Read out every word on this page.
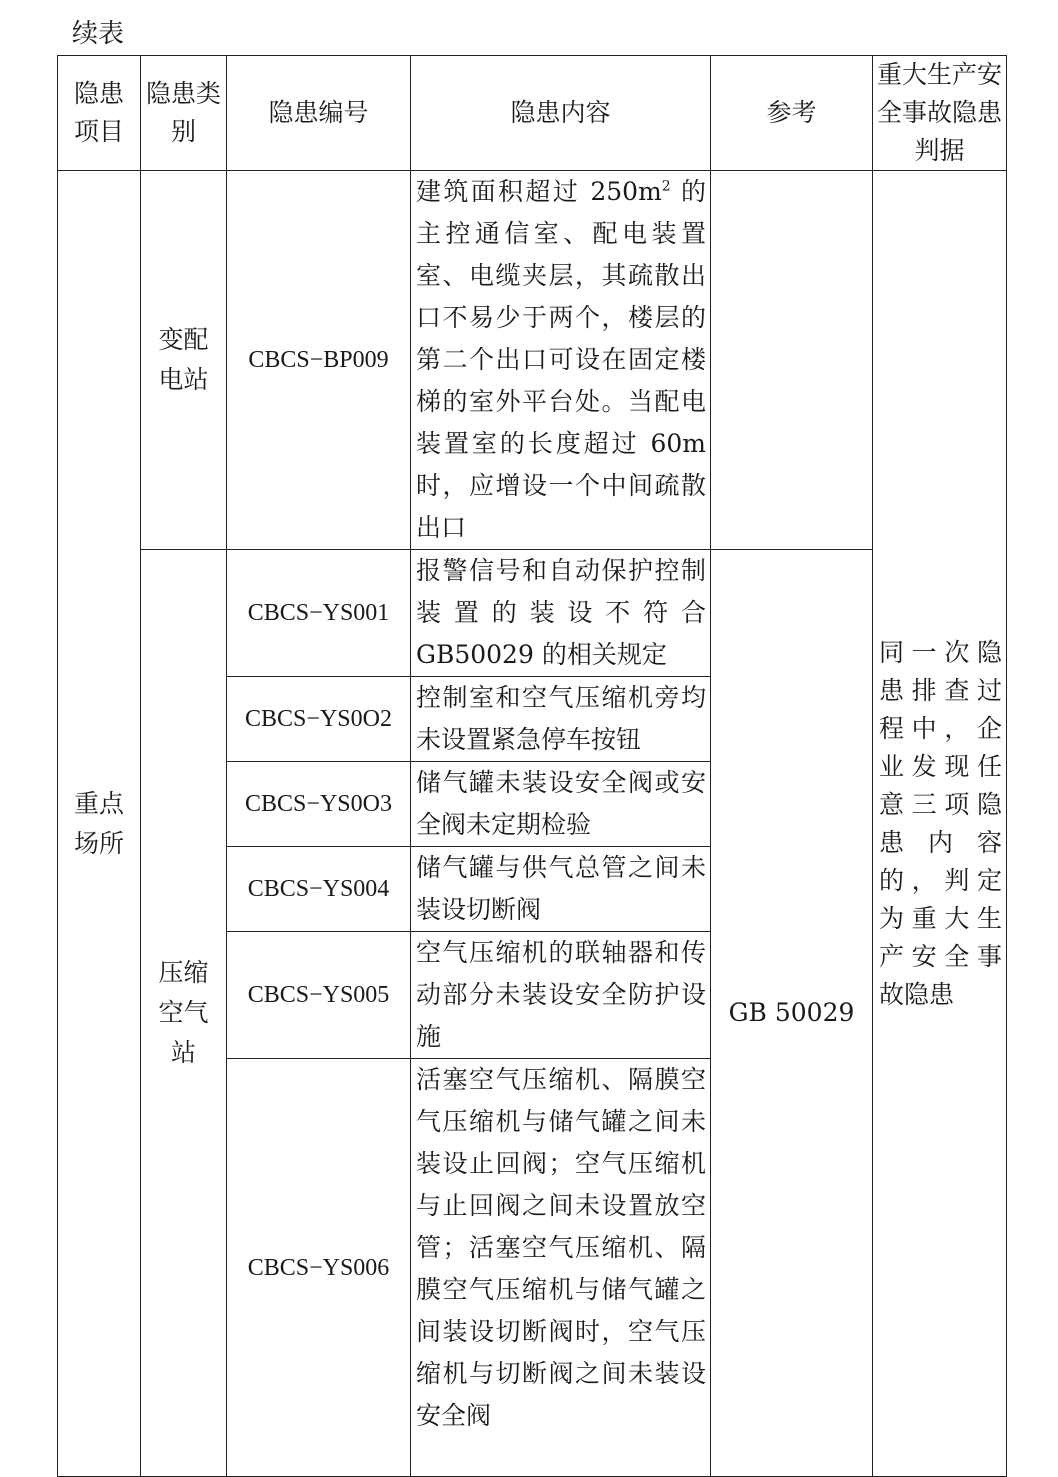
续表
隐患项目	隐患类别	隐患编号	隐患内容	参考	重大生产安全事故隐患判据
重点场所	变配电站	CBCS−BP009	建筑面积超过 $250m^2$ 的主控通信室、配电装置室、电缆夹层，其疏散出口不易少于两个，楼层的第二个出口可设在固定楼梯的室外平台处。当配电装置室的长度超过 60m 时，应增设一个中间疏散出口		同一次隐患排查过程中，企业发现任意三项隐患内容的，判定为重大生产安全事故隐患
	压缩空气站	CBCS−YS001	报警信号和自动保护控制装置的装设不符合 GB50029 的相关规定	GB 50029	
		CBCS−YS0O2	控制室和空气压缩机旁均未设置紧急停车按钮		
		CBCS−YS0O3	储气罐未装设安全阀或安全阀未定期检验		
		CBCS−YS004	储气罐与供气总管之间未装设切断阀		
		CBCS−YS005	空气压缩机的联轴器和传动部分未装设安全防护设施		
		CBCS−YS006	活塞空气压缩机、隔膜空气压缩机与储气罐之间未装设止回阀；空气压缩机与止回阀之间未设置放空管；活塞空气压缩机、隔膜空气压缩机与储气罐之间装设切断阀时，空气压缩机与切断阀之间未装设安全阀		
